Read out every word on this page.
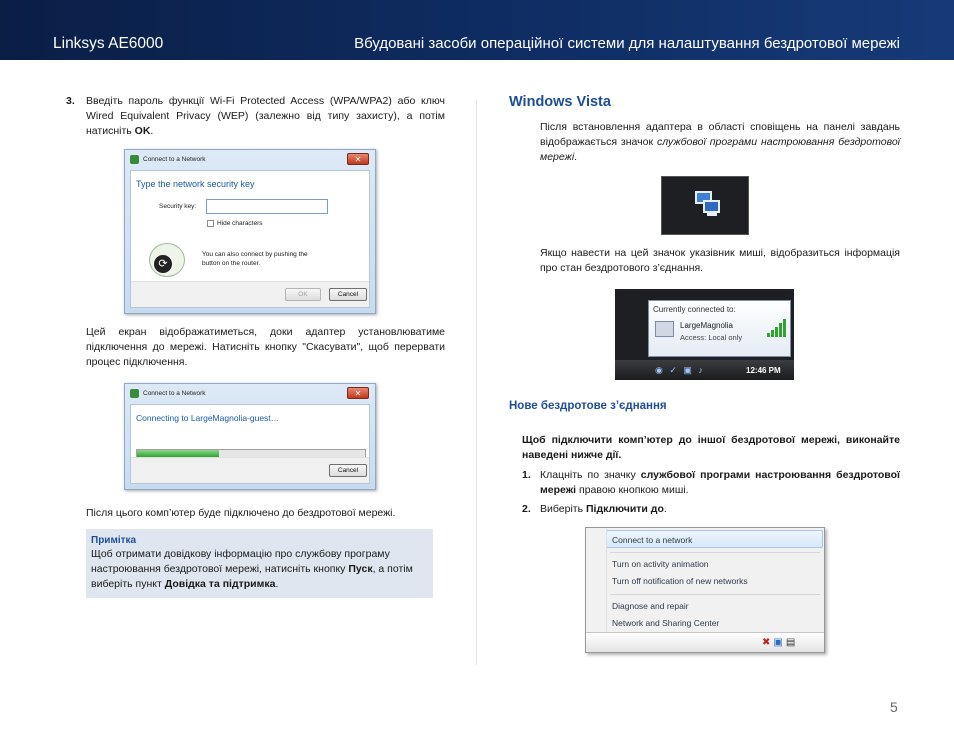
Linksys AE6000	Вбудовані засоби операційної системи для налаштування бездротової мережі
3. Введіть пароль функції Wi-Fi Protected Access (WPA/WPA2) або ключ Wired Equivalent Privacy (WEP) (залежно від типу захисту), а потім натисніть OK.

Connect to a Network	✕
Type the network security key
Security key:
Hide characters
⟳
You can also connect by pushing the
button on the router.
OK	Cancel

Цей екран відображатиметься, доки адаптер установлюватиме підключення до мережі. Натисніть кнопку "Скасувати", щоб перервати процес підключення.

Connect to a Network	✕
Connecting to LargeMagnolia-guest…
Cancel

Після цього комп’ютер буде підключено до бездротової мережі.

Примітка

Щоб отримати довідкову інформацію про службову програму настроювання бездротової мережі, натисніть кнопку Пуск, а потім виберіть пункт Довідка та підтримка.

Windows Vista

Після встановлення адаптера в області сповіщень на панелі завдань відображається значок службової програми настроювання бездротової мережі.

Якщо навести на цей значок указівник миші, відобразиться інформація про стан бездротового з’єднання.

Currently connected to:
LargeMagnolia
Access: Local only
◉ ✓ ▣ ♪	12:46 PM
Нове бездротове з’єднання

Щоб підключити комп’ютер до іншої бездротової мережі, виконайте наведені нижче дії.

1. Клацніть по значку службової програми настроювання бездротової мережі правою кнопкою миші.

2. Виберіть Підключити до.

Connect to a network
Turn on activity animation
Turn off notification of new networks
Diagnose and repair
Network and Sharing Center
✖▣▤
5
